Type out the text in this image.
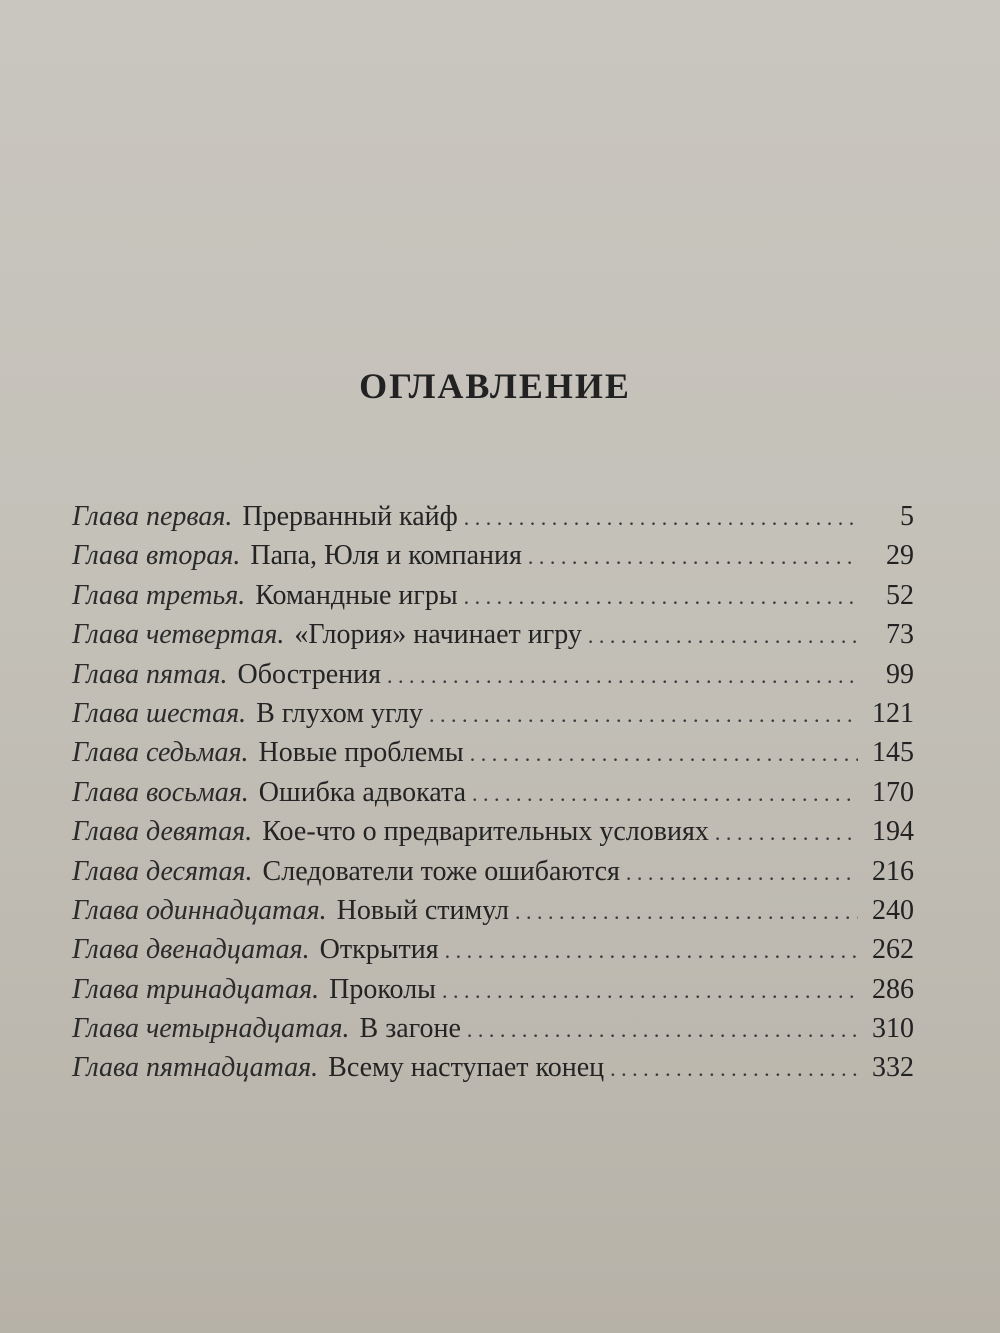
ОГЛАВЛЕНИЕ
Глава первая. Прерванный кайф . . .	5
Глава вторая. Папа, Юля и компания . . .	29
Глава третья. Командные игры . . .	52
Глава четвертая. «Глория» начинает игру . . .	73
Глава пятая. Обострения . . .	99
Глава шестая. В глухом углу . . .	121
Глава седьмая. Новые проблемы . . .	145
Глава восьмая. Ошибка адвоката . . .	170
Глава девятая. Кое-что о предварительных условиях . . .	194
Глава десятая. Следователи тоже ошибаются . . .	216
Глава одиннадцатая. Новый стимул . . .	240
Глава двенадцатая. Открытия . . .	262
Глава тринадцатая. Проколы . . .	286
Глава четырнадцатая. В загоне . . .	310
Глава пятнадцатая. Всему наступает конец . . .	332
